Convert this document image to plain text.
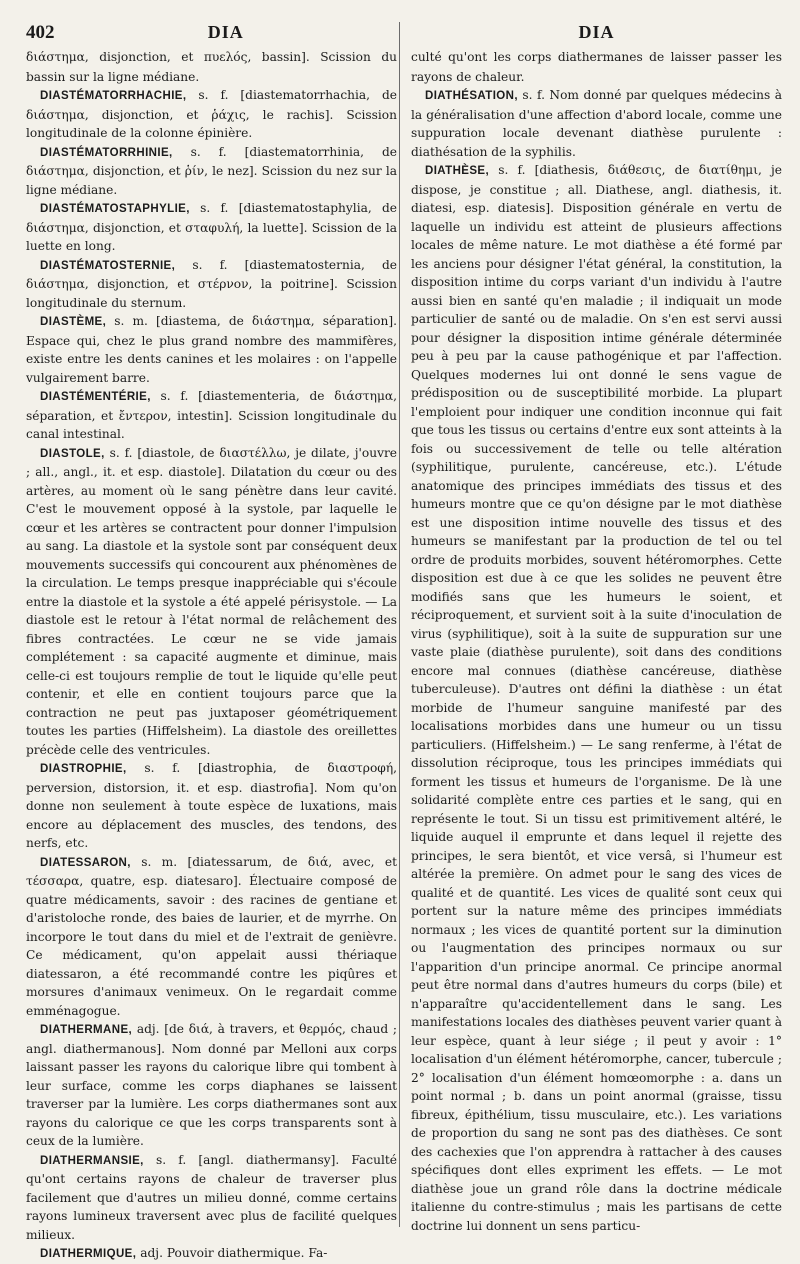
402	DIA
διάστημα, disjonction, et πυελός, bassin]. Scission du bassin sur la ligne médiane.
DIASTÉMATORRHACHIE, s. f. [diastematorrhachia, de διάστημα, disjonction, et ῥάχις, le rachis]. Scission longitudinale de la colonne épinière.
DIASTÉMATORRHINIE, s. f. [diastematorrhinia, de διάστημα, disjonction, et ῥίν, le nez]. Scission du nez sur la ligne médiane.
DIASTÉMATOSTAPHYLIE, s. f. [diastematostaphylia, de διάστημα, disjonction, et σταφυλή, la luette]. Scission de la luette en long.
DIASTÉMATOSTERNIE, s. f. [diastematosternia, de διάστημα, disjonction, et στέρνον, la poitrine]. Scission longitudinale du sternum.
DIASTÈME, s. m. [diastema, de διάστημα, séparation]. Espace qui, chez le plus grand nombre des mammifères, existe entre les dents canines et les molaires : on l'appelle vulgairement barre.
DIASTÉMENTÉRIE, s. f. [diastementeria, de διάστημα, séparation, et ἔντερον, intestin]. Scission longitudinale du canal intestinal.
DIASTOLE, s. f. [diastole, de διαστέλλω, je dilate, j'ouvre ; all., angl., it. et esp. diastole]. Dilatation du cœur ou des artères, au moment où le sang pénètre dans leur cavité. C'est le mouvement opposé à la systole, par laquelle le cœur et les artères se contractent pour donner l'impulsion au sang. La diastole et la systole sont par conséquent deux mouvements successifs qui concourent aux phénomènes de la circulation. Le temps presque inappréciable qui s'écoule entre la diastole et la systole a été appelé périsystole. — La diastole est le retour à l'état normal de relâchement des fibres contractées. Le cœur ne se vide jamais complétement : sa capacité augmente et diminue, mais celle-ci est toujours remplie de tout le liquide qu'elle peut contenir, et elle en contient toujours parce que la contraction ne peut pas juxtaposer géométriquement toutes les parties (Hiffelsheim). La diastole des oreillettes précède celle des ventricules.
DIASTROPHIE, s. f. [diastrophia, de διαστροφή, perversion, distorsion, it. et esp. diastrofia]. Nom qu'on donne non seulement à toute espèce de luxations, mais encore au déplacement des muscles, des tendons, des nerfs, etc.
DIATESSARON, s. m. [diatessarum, de διά, avec, et τέσσαρα, quatre, esp. diatesaro]. Électuaire composé de quatre médicaments, savoir : des racines de gentiane et d'aristoloche ronde, des baies de laurier, et de myrrhe. On incorpore le tout dans du miel et de l'extrait de genièvre. Ce médicament, qu'on appelait aussi thériaque diatessaron, a été recommandé contre les piqûres et morsures d'animaux venimeux. On le regardait comme emménagogue.
DIATHERMANE, adj. [de διά, à travers, et θερμός, chaud ; angl. diathermanous]. Nom donné par Melloni aux corps laissant passer les rayons du calorique libre qui tombent à leur surface, comme les corps diaphanes se laissent traverser par la lumière. Les corps diathermanes sont aux rayons du calorique ce que les corps transparents sont à ceux de la lumière.
DIATHERMANSIE, s. f. [angl. diathermansy]. Faculté qu'ont certains rayons de chaleur de traverser plus facilement que d'autres un milieu donné, comme certains rayons lumineux traversent avec plus de facilité quelques milieux.
DIATHERMIQUE, adj. Pouvoir diathermique. Fa-
DIA
culté qu'ont les corps diathermanes de laisser passer les rayons de chaleur.
DIATHÉSATION, s. f. Nom donné par quelques médecins à la généralisation d'une affection d'abord locale, comme une suppuration locale devenant diathèse purulente : diathésation de la syphilis.
DIATHÈSE, s. f. [diathesis, διάθεσις, de διατίθημι, je dispose, je constitue ; all. Diathese, angl. diathesis, it. diatesi, esp. diatesis]. Disposition générale en vertu de laquelle un individu est atteint de plusieurs affections locales de même nature. Le mot diathèse a été formé par les anciens pour désigner l'état général, la constitution, la disposition intime du corps variant d'un individu à l'autre aussi bien en santé qu'en maladie ; il indiquait un mode particulier de santé ou de maladie. On s'en est servi aussi pour désigner la disposition intime générale déterminée peu à peu par la cause pathogénique et par l'affection. Quelques modernes lui ont donné le sens vague de prédisposition ou de susceptibilité morbide. La plupart l'emploient pour indiquer une condition inconnue qui fait que tous les tissus ou certains d'entre eux sont atteints à la fois ou successivement de telle ou telle altération (syphilitique, purulente, cancéreuse, etc.). L'étude anatomique des principes immédiats des tissus et des humeurs montre que ce qu'on désigne par le mot diathèse est une disposition intime nouvelle des tissus et des humeurs se manifestant par la production de tel ou tel ordre de produits morbides, souvent hétéromorphes. Cette disposition est due à ce que les solides ne peuvent être modifiés sans que les humeurs le soient, et réciproquement, et survient soit à la suite d'inoculation de virus (syphilitique), soit à la suite de suppuration sur une vaste plaie (diathèse purulente), soit dans des conditions encore mal connues (diathèse cancéreuse, diathèse tuberculeuse). D'autres ont défini la diathèse : un état morbide de l'humeur sanguine manifesté par des localisations morbides dans une humeur ou un tissu particuliers. (Hiffelsheim.) — Le sang renferme, à l'état de dissolution réciproque, tous les principes immédiats qui forment les tissus et humeurs de l'organisme. De là une solidarité complète entre ces parties et le sang, qui en représente le tout. Si un tissu est primitivement altéré, le liquide auquel il emprunte et dans lequel il rejette des principes, le sera bientôt, et vice versâ, si l'humeur est altérée la première. On admet pour le sang des vices de qualité et de quantité. Les vices de qualité sont ceux qui portent sur la nature même des principes immédiats normaux ; les vices de quantité portent sur la diminution ou l'augmentation des principes normaux ou sur l'apparition d'un principe anormal. Ce principe anormal peut être normal dans d'autres humeurs du corps (bile) et n'apparaître qu'accidentellement dans le sang. Les manifestations locales des diathèses peuvent varier quant à leur espèce, quant à leur siége ; il peut y avoir : 1° localisation d'un élément hétéromorphe, cancer, tubercule ; 2° localisation d'un élément homœomorphe : a. dans un point normal ; b. dans un point anormal (graisse, tissu fibreux, épithélium, tissu musculaire, etc.). Les variations de proportion du sang ne sont pas des diathèses. Ce sont des cachexies que l'on apprendra à rattacher à des causes spécifiques dont elles expriment les effets. — Le mot diathèse joue un grand rôle dans la doctrine médicale italienne du contre-stimulus ; mais les partisans de cette doctrine lui donnent un sens particu-
